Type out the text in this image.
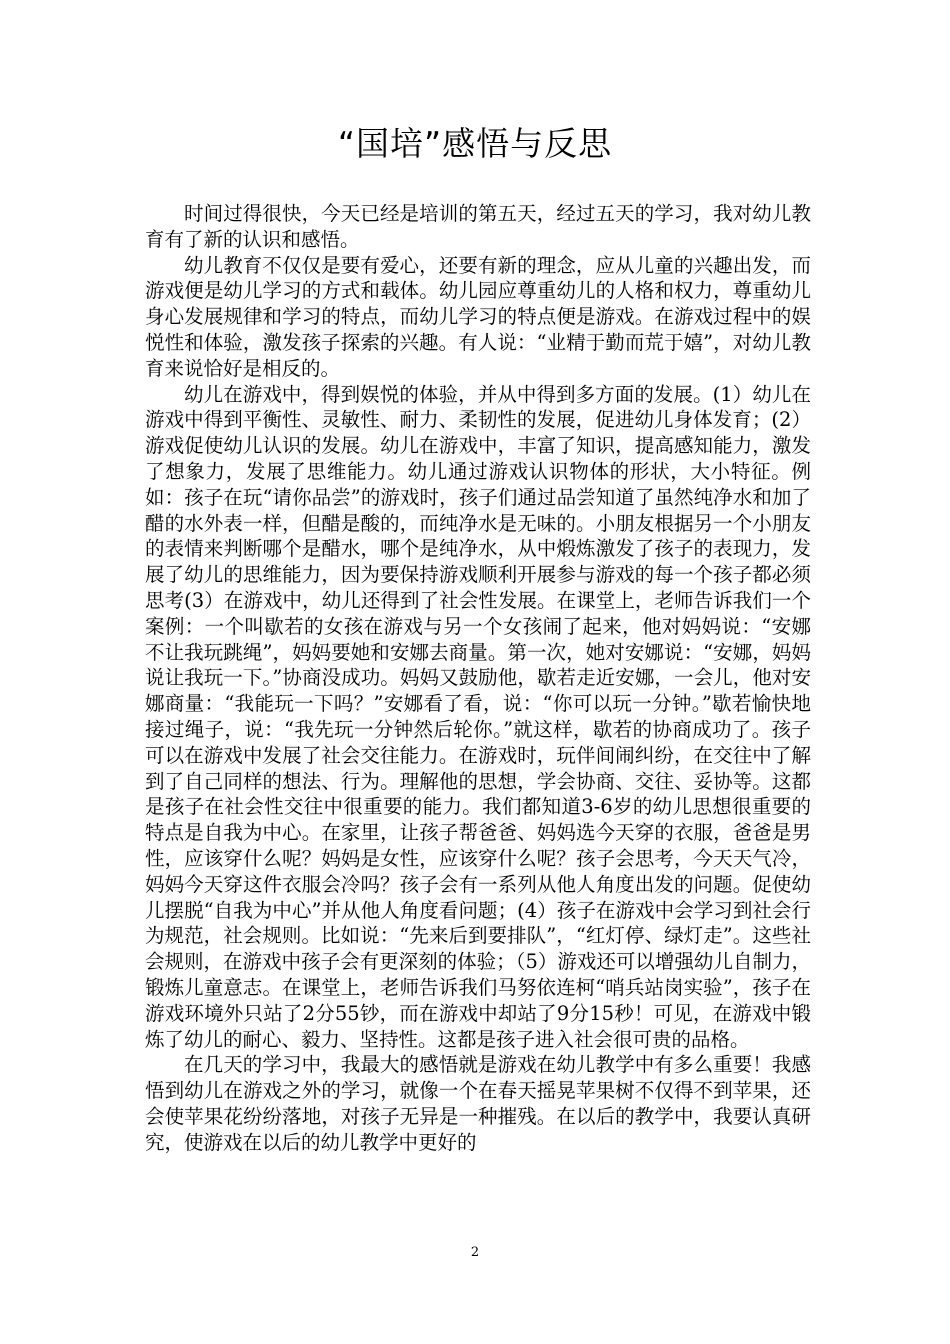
“国培”感悟与反思

时间过得很快，今天已经是培训的第五天，经过五天的学习，我对幼儿教育有了新的认识和感悟。

幼儿教育不仅仅是要有爱心，还要有新的理念，应从儿童的兴趣出发，而游戏便是幼儿学习的方式和载体。幼儿园应尊重幼儿的人格和权力，尊重幼儿身心发展规律和学习的特点，而幼儿学习的特点便是游戏。在游戏过程中的娱悦性和体验，激发孩子探索的兴趣。有人说：“业精于勤而荒于嬉”，对幼儿教育来说恰好是相反的。

幼儿在游戏中，得到娱悦的体验，并从中得到多方面的发展。(1）幼儿在游戏中得到平衡性、灵敏性、耐力、柔韧性的发展，促进幼儿身体发育；(2）游戏促使幼儿认识的发展。幼儿在游戏中，丰富了知识，提高感知能力，激发了想象力，发展了思维能力。幼儿通过游戏认识物体的形状，大小特征。例如：孩子在玩“请你品尝”的游戏时，孩子们通过品尝知道了虽然纯净水和加了醋的水外表一样，但醋是酸的，而纯净水是无味的。小朋友根据另一个小朋友的表情来判断哪个是醋水，哪个是纯净水，从中煅炼激发了孩子的表现力，发展了幼儿的思维能力，因为要保持游戏顺利开展参与游戏的每一个孩子都必须思考(3）在游戏中，幼儿还得到了社会性发展。在课堂上，老师告诉我们一个案例：一个叫歇若的女孩在游戏与另一个女孩闹了起来，他对妈妈说：“安娜不让我玩跳绳”，妈妈要她和安娜去商量。第一次，她对安娜说：“安娜，妈妈说让我玩一下。”协商没成功。妈妈又鼓励他，歇若走近安娜，一会儿，他对安娜商量：“我能玩一下吗？”安娜看了看，说：“你可以玩一分钟。”歇若愉快地接过绳子，说：“我先玩一分钟然后轮你。”就这样，歇若的协商成功了。孩子可以在游戏中发展了社会交往能力。在游戏时，玩伴间闹纠纷，在交往中了解到了自己同样的想法、行为。理解他的思想，学会协商、交往、妥协等。这都是孩子在社会性交往中很重要的能力。我们都知道3-6岁的幼儿思想很重要的特点是自我为中心。在家里，让孩子帮爸爸、妈妈选今天穿的衣服，爸爸是男性，应该穿什么呢？妈妈是女性，应该穿什么呢？孩子会思考，今天天气冷，妈妈今天穿这件衣服会冷吗？孩子会有一系列从他人角度出发的问题。促使幼儿摆脱“自我为中心”并从他人角度看问题；(4）孩子在游戏中会学习到社会行为规范，社会规则。比如说：“先来后到要排队”，“红灯停、绿灯走”。这些社会规则，在游戏中孩子会有更深刻的体验；（5）游戏还可以增强幼儿自制力，锻炼儿童意志。在课堂上，老师告诉我们马努依连柯“哨兵站岗实验”，孩子在游戏环境外只站了2分55钞，而在游戏中却站了9分15秒！可见，在游戏中锻炼了幼儿的耐心、毅力、坚持性。这都是孩子进入社会很可贵的品格。

在几天的学习中，我最大的感悟就是游戏在幼儿教学中有多么重要！我感悟到幼儿在游戏之外的学习，就像一个在春天摇晃苹果树不仅得不到苹果，还会使苹果花纷纷落地，对孩子无异是一种摧残。在以后的教学中，我要认真研究，使游戏在以后的幼儿教学中更好的

2
